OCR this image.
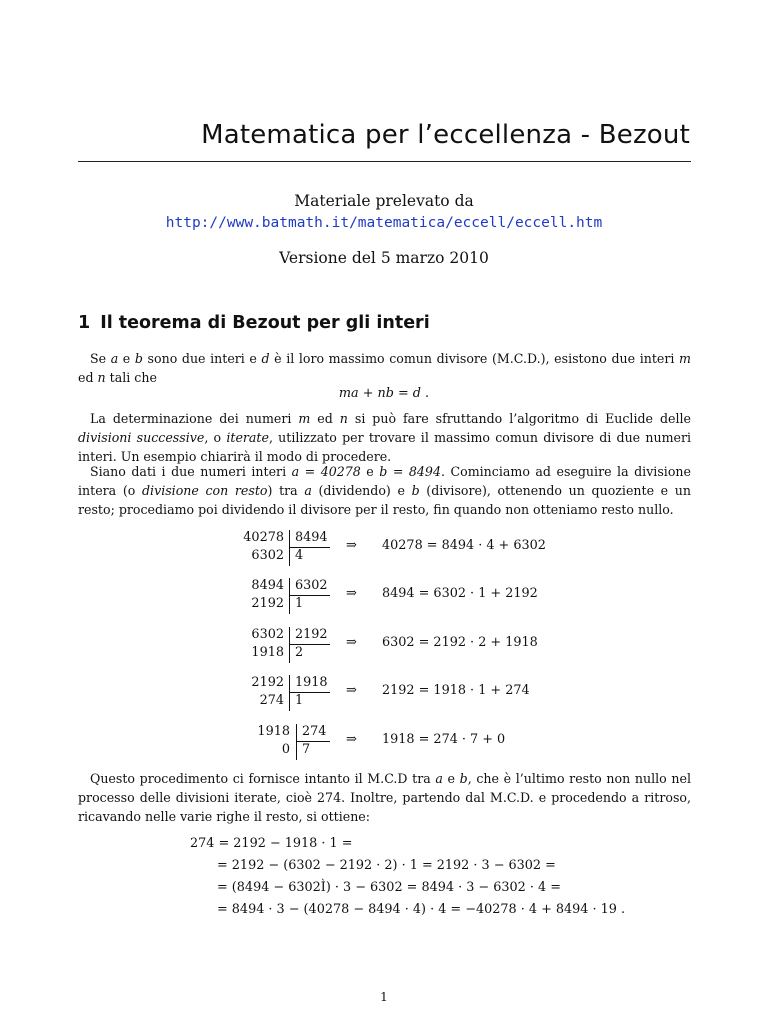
Matematica per l’eccellenza - Bezout
Materiale prelevato da
http://www.batmath.it/matematica/eccell/eccell.htm
Versione del 5 marzo 2010
1 Il teorema di Bezout per gli interi
Se a e b sono due interi e d è il loro massimo comun divisore (M.C.D.), esistono due interi m ed n tali che
ma + nb = d .
La determinazione dei numeri m ed n si può fare sfruttando l’algoritmo di Euclide delle divisioni successive, o iterate, utilizzato per trovare il massimo comun divisore di due numeri interi. Un esempio chiarirà il modo di procedere.
Siano dati i due numeri interi a = 40278 e b = 8494. Cominciamo ad eseguire la divisione intera (o divisione con resto) tra a (dividendo) e b (divisore), ottenendo un quoziente e un resto; procediamo poi dividendo il divisore per il resto, fin quando non otteniamo resto nullo.
40278
6302
8494
4
⇒ 40278 = 8494 · 4 + 6302
8494
2192
6302
1
⇒ 8494 = 6302 · 1 + 2192
6302
1918
2192
2
⇒ 6302 = 2192 · 2 + 1918
2192
274
1918
1
⇒ 2192 = 1918 · 1 + 274
1918
0
274
7
⇒ 1918 = 274 · 7 + 0
Questo procedimento ci fornisce intanto il M.C.D tra a e b, che è l’ultimo resto non nullo nel processo delle divisioni iterate, cioè 274. Inoltre, partendo dal M.C.D. e procedendo a ritroso, ricavando nelle varie righe il resto, si ottiene:
274 = 2192 − 1918 · 1 =
= 2192 − (6302 − 2192 · 2) · 1 = 2192 · 3 − 6302 =
= (8494 − 6302Ì) · 3 − 6302 = 8494 · 3 − 6302 · 4 =
= 8494 · 3 − (40278 − 8494 · 4) · 4 = −40278 · 4 + 8494 · 19 .
1
